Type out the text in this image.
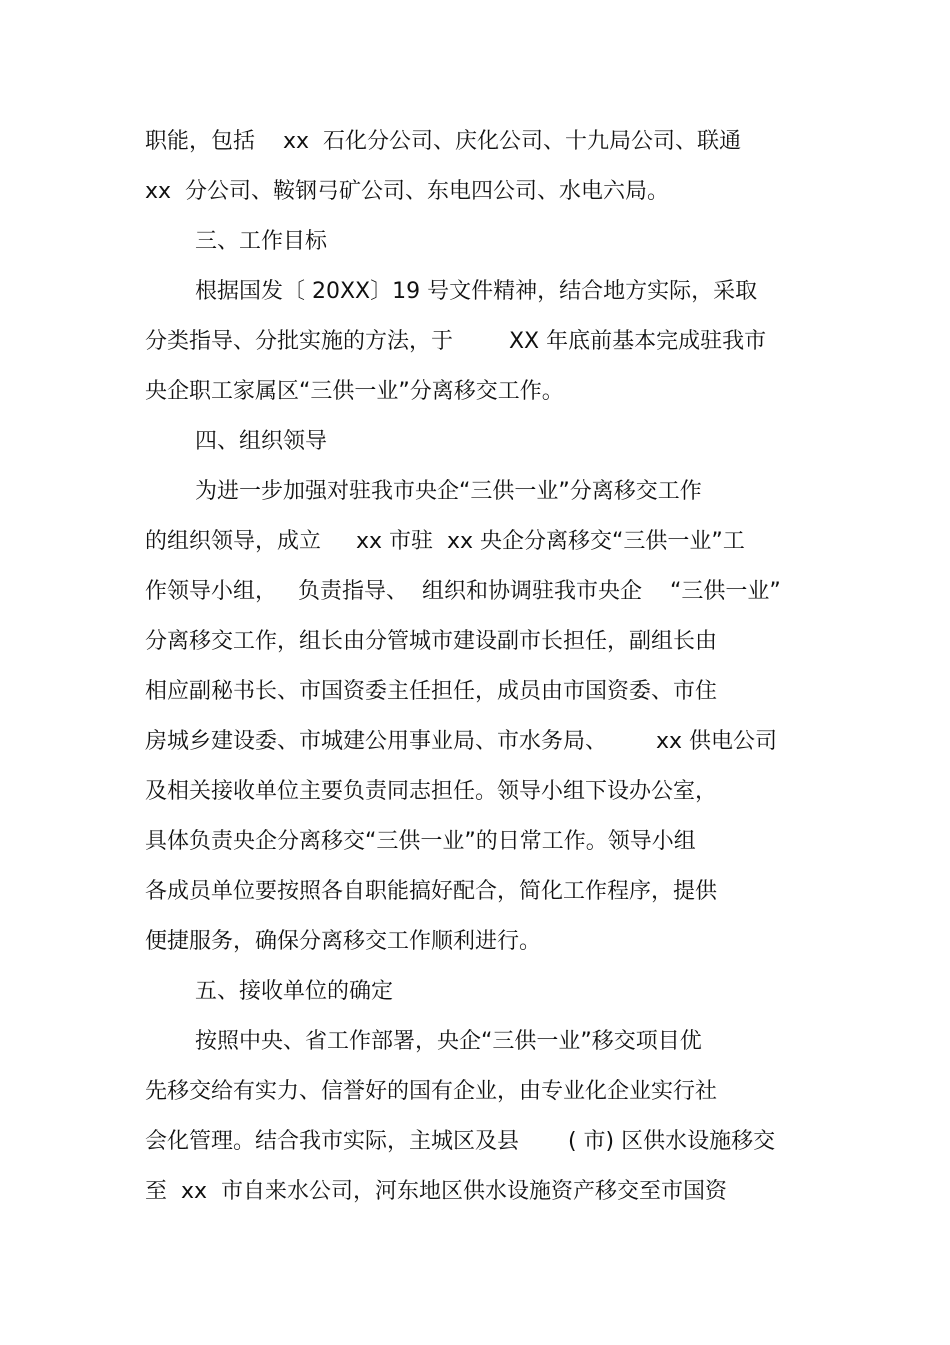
职能，包括    xx  石化分公司、庆化公司、十九局公司、联通
xx  分公司、鞍钢弓矿公司、东电四公司、水电六局。
三、工作目标
根据国发〔 20XX〕19 号文件精神，结合地方实际，采取
分类指导、分批实施的方法，于        XX 年底前基本完成驻我市
央企职工家属区“三供一业”分离移交工作。
四、组织领导
为进一步加强对驻我市央企“三供一业”分离移交工作
的组织领导，成立     xx 市驻  xx 央企分离移交“三供一业”工
作领导小组，   负责指导、  组织和协调驻我市央企    “三供一业”
分离移交工作，组长由分管城市建设副市长担任，副组长由
相应副秘书长、市国资委主任担任，成员由市国资委、市住
房城乡建设委、市城建公用事业局、市水务局、       xx 供电公司
及相关接收单位主要负责同志担任。领导小组下设办公室，
具体负责央企分离移交“三供一业”的日常工作。领导小组
各成员单位要按照各自职能搞好配合，简化工作程序，提供
便捷服务，确保分离移交工作顺利进行。
五、接收单位的确定
按照中央、省工作部署，央企“三供一业”移交项目优
先移交给有实力、信誉好的国有企业，由专业化企业实行社
会化管理。结合我市实际，主城区及县       ( 市) 区供水设施移交
至  xx  市自来水公司，河东地区供水设施资产移交至市国资
